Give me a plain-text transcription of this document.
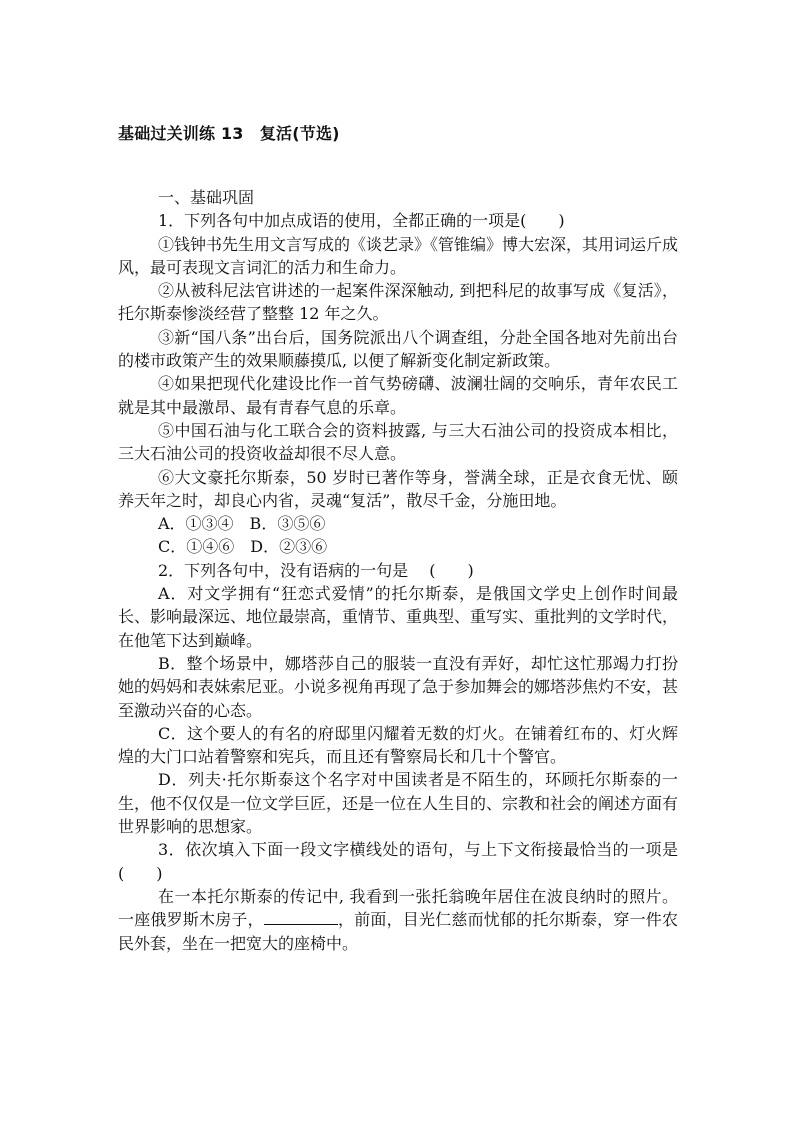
基础过关训练 13　复活(节选)

一、基础巩固

1．下列各句中加点成语的使用，全都正确的一项是(　　)

①钱钟书先生用文言写成的《谈艺录》《管锥编》博大宏深，其用词运斤成风，最可表现文言词汇的活力和生命力。

②从被科尼法官讲述的一起案件深深触动, 到把科尼的故事写成《复活》，托尔斯泰惨淡经营了整整 12 年之久。

③新“国八条”出台后，国务院派出八个调查组，分赴全国各地对先前出台的楼市政策产生的效果顺藤摸瓜, 以便了解新变化制定新政策。

④如果把现代化建设比作一首气势磅礴、波澜壮阔的交响乐，青年农民工就是其中最激昂、最有青春气息的乐章。

⑤中国石油与化工联合会的资料披露, 与三大石油公司的投资成本相比，三大石油公司的投资收益却很不尽人意。

⑥大文豪托尔斯泰，50 岁时已著作等身，誉满全球，正是衣食无忧、颐养天年之时，却良心内省，灵魂“复活”，散尽千金，分施田地。

A．①③④　B．③⑤⑥

C．①④⑥　D．②③⑥

2．下列各句中，没有语病的一句是　 (　　)

A．对文学拥有“狂恋式爱情”的托尔斯泰，是俄国文学史上创作时间最长、影响最深远、地位最崇高，重情节、重典型、重写实、重批判的文学时代，在他笔下达到巅峰。

B．整个场景中，娜塔莎自己的服装一直没有弄好，却忙这忙那竭力打扮她的妈妈和表妹索尼亚。小说多视角再现了急于参加舞会的娜塔莎焦灼不安，甚至激动兴奋的心态。

C．这个要人的有名的府邸里闪耀着无数的灯火。在铺着红布的、灯火辉煌的大门口站着警察和宪兵，而且还有警察局长和几十个警官。

D．列夫·托尔斯泰这个名字对中国读者是不陌生的，环顾托尔斯泰的一生，他不仅仅是一位文学巨匠，还是一位在人生目的、宗教和社会的阐述方面有世界影响的思想家。

3．依次填入下面一段文字横线处的语句，与上下文衔接最恰当的一项是(　　)

在一本托尔斯泰的传记中, 我看到一张托翁晚年居住在波良纳时的照片。一座俄罗斯木房子，	，前面，目光仁慈而忧郁的托尔斯泰，穿一件农民外套，坐在一把宽大的座椅中。
